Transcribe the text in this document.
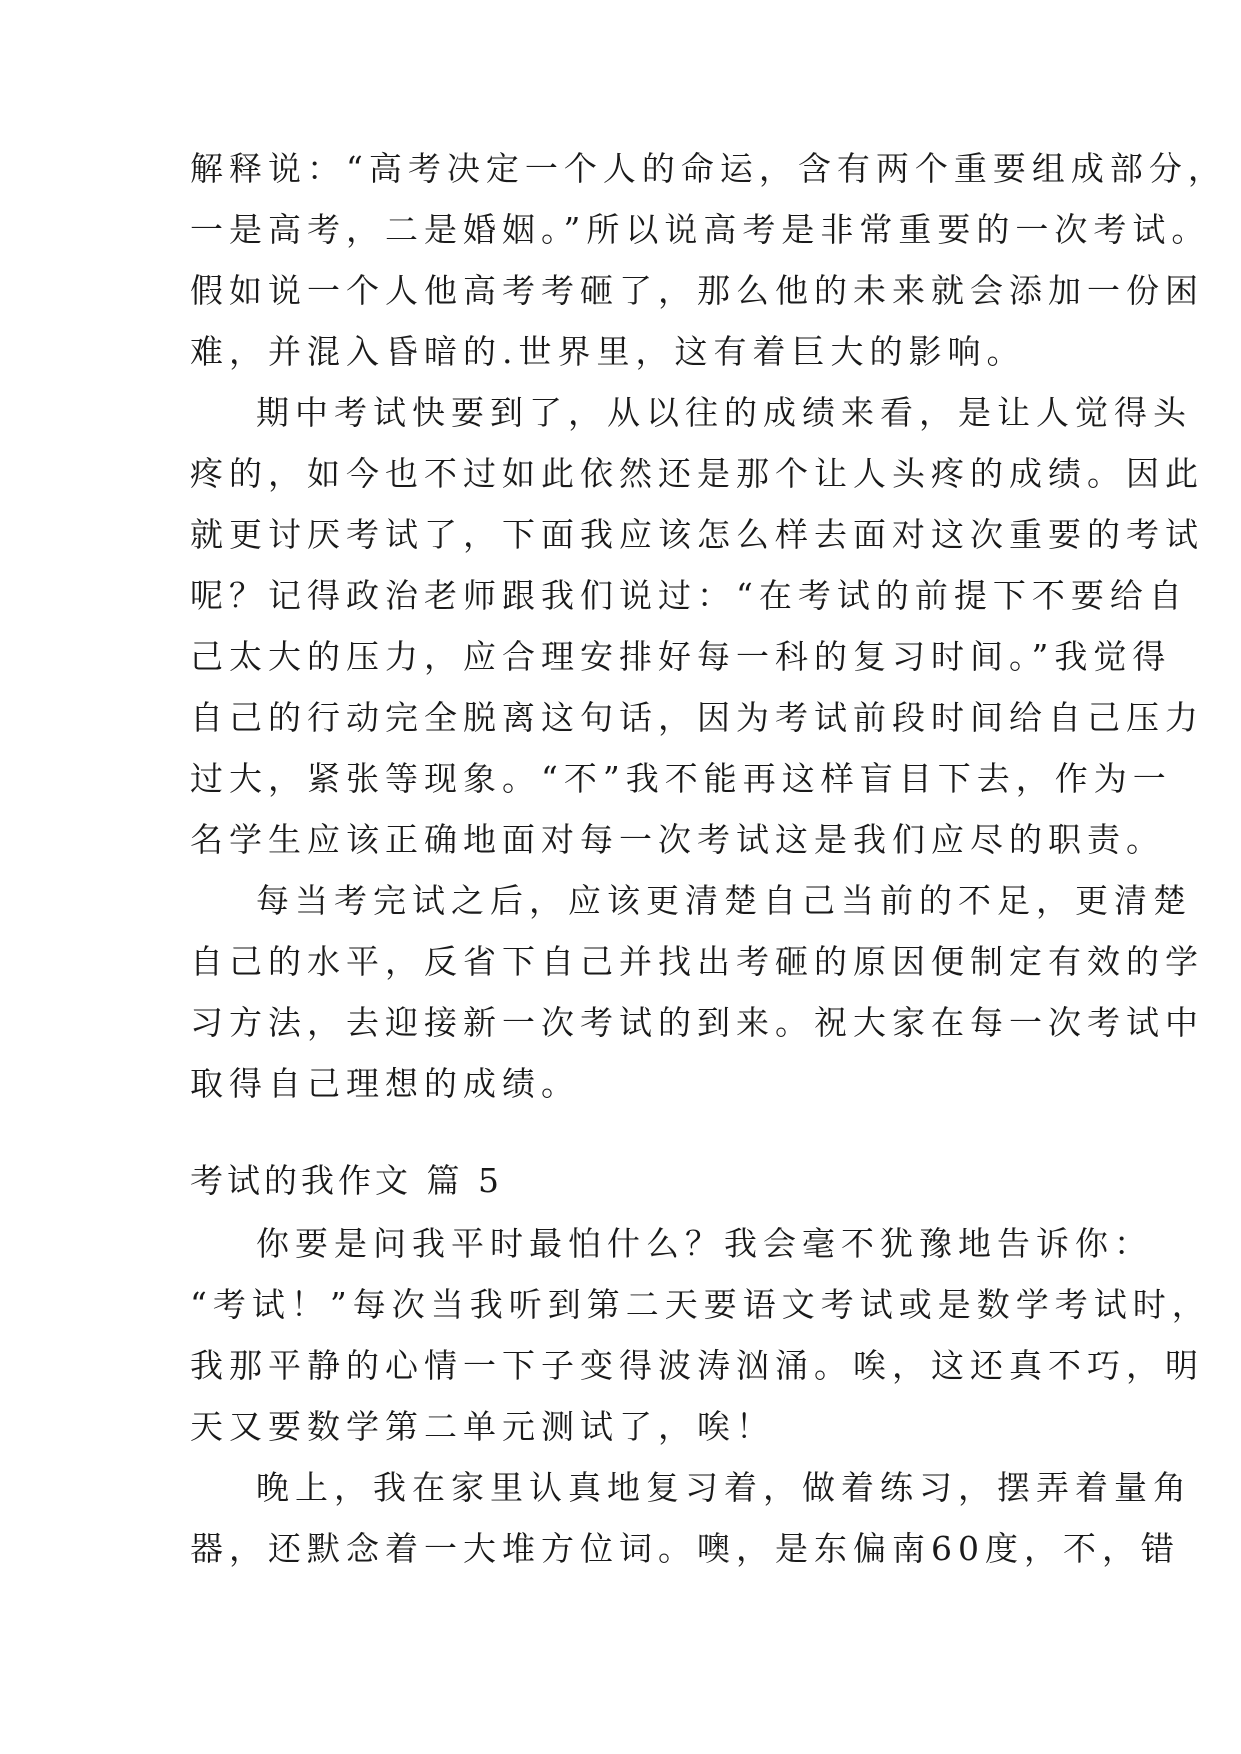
解释说：“高考决定一个人的命运，含有两个重要组成部分，
一是高考，二是婚姻。”所以说高考是非常重要的一次考试。
假如说一个人他高考考砸了，那么他的未来就会添加一份困
难，并混入昏暗的.世界里，这有着巨大的影响。

期中考试快要到了，从以往的成绩来看，是让人觉得头
疼的，如今也不过如此依然还是那个让人头疼的成绩。因此
就更讨厌考试了，下面我应该怎么样去面对这次重要的考试
呢？记得政治老师跟我们说过：“在考试的前提下不要给自
己太大的压力，应合理安排好每一科的复习时间。”我觉得
自己的行动完全脱离这句话，因为考试前段时间给自己压力
过大，紧张等现象。“不”我不能再这样盲目下去，作为一
名学生应该正确地面对每一次考试这是我们应尽的职责。

每当考完试之后，应该更清楚自己当前的不足，更清楚
自己的水平，反省下自己并找出考砸的原因便制定有效的学
习方法，去迎接新一次考试的到来。祝大家在每一次考试中
取得自己理想的成绩。

考试的我作文 篇 5

你要是问我平时最怕什么？我会毫不犹豫地告诉你：
“考试！”每次当我听到第二天要语文考试或是数学考试时，
我那平静的心情一下子变得波涛汹涌。唉，这还真不巧，明
天又要数学第二单元测试了，唉！

晚上，我在家里认真地复习着，做着练习，摆弄着量角
器，还默念着一大堆方位词。噢，是东偏南60度，不，错
